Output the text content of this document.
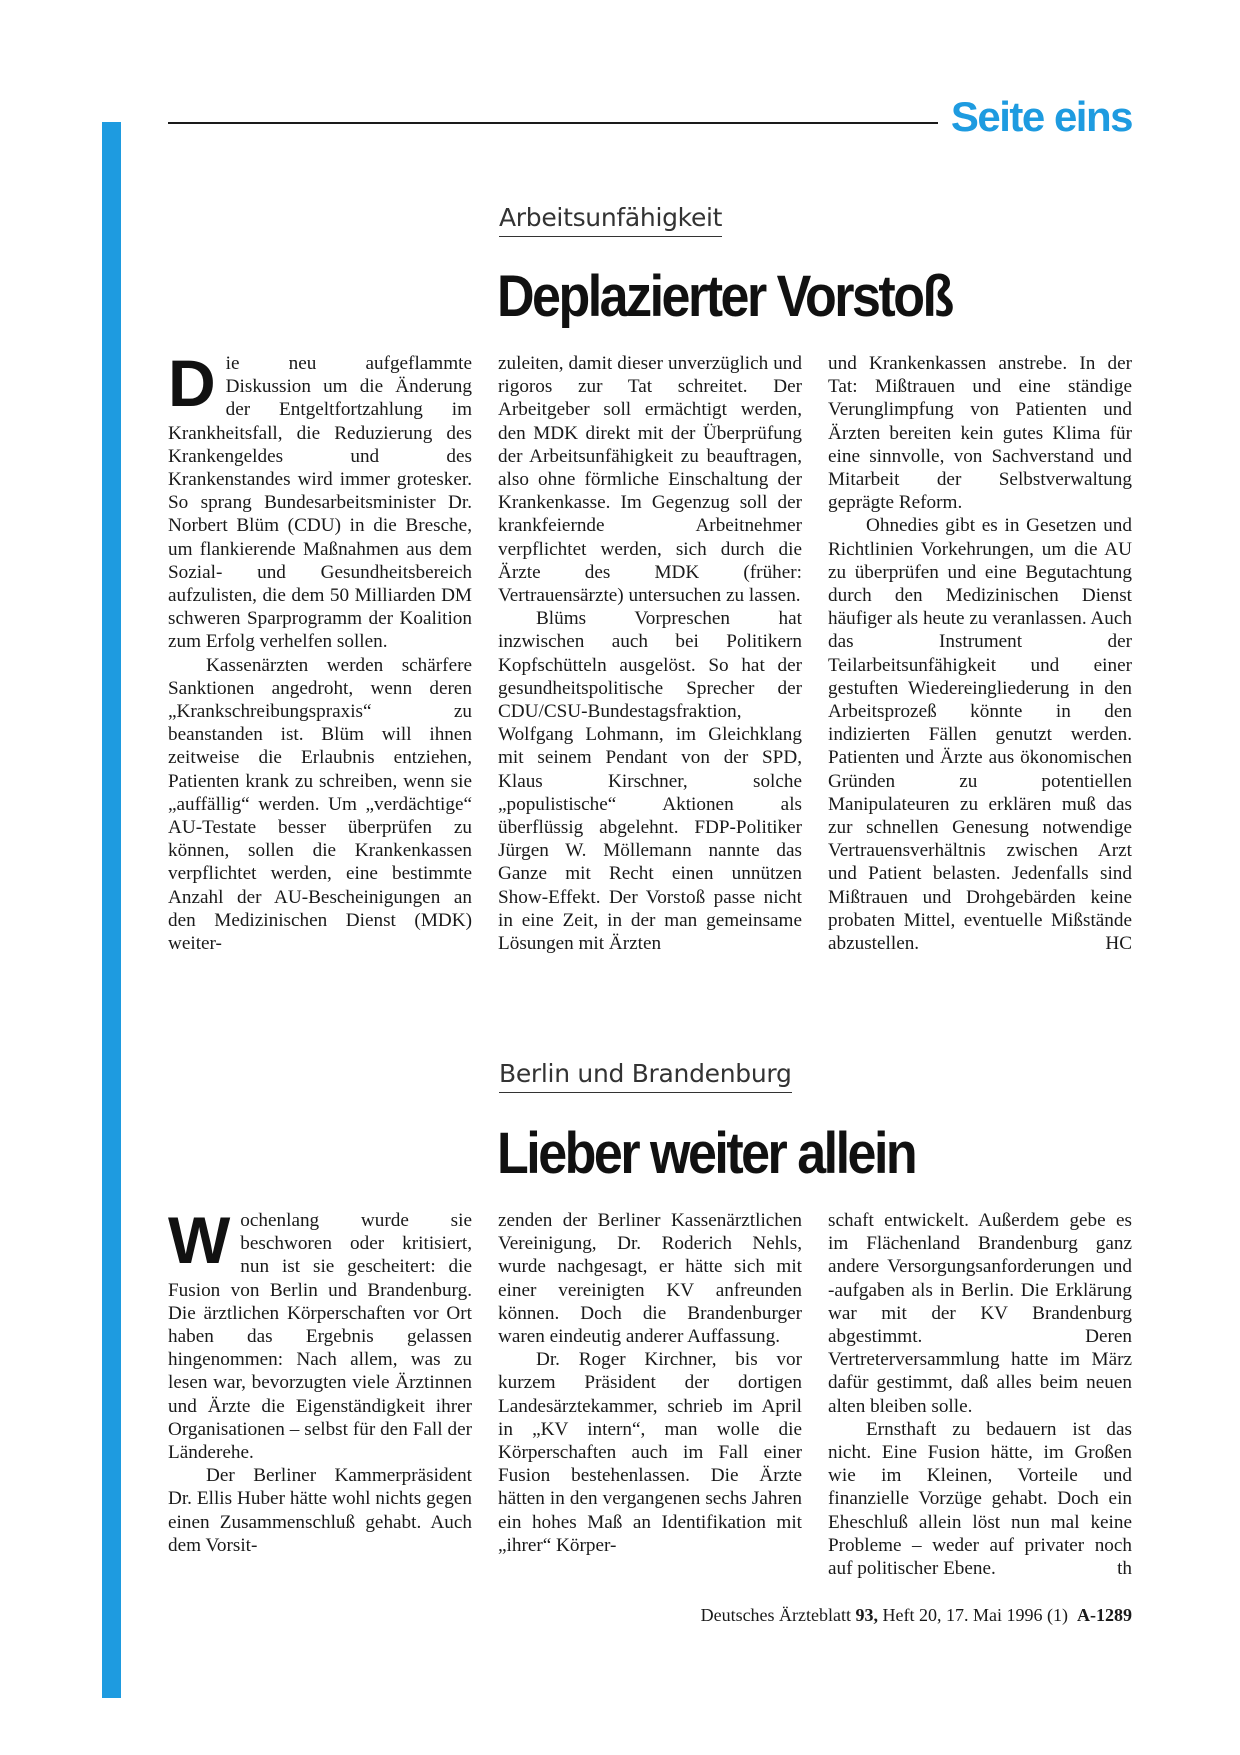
Seite eins
Arbeitsunfähigkeit
Deplazierter Vorstoß
D ie neu aufgeflammte Diskussion um die Änderung der Entgeltfortzahlung im Krankheitsfall, die Reduzierung des Krankengeldes und des Krankenstandes wird immer grotesker. So sprang Bundesarbeitsminister Dr. Norbert Blüm (CDU) in die Bresche, um flankierende Maßnahmen aus dem Sozial- und Gesundheitsbereich aufzulisten, die dem 50 Milliarden DM schweren Sparprogramm der Koalition zum Erfolg verhelfen sollen.

Kassenärzten werden schärfere Sanktionen angedroht, wenn deren „Krankschreibungspraxis“ zu beanstanden ist. Blüm will ihnen zeitweise die Erlaubnis entziehen, Patienten krank zu schreiben, wenn sie „auffällig“ werden. Um „verdächtige“ AU-Testate besser überprüfen zu können, sollen die Krankenkassen verpflichtet werden, eine bestimmte Anzahl der AU-Bescheinigungen an den Medizinischen Dienst (MDK) weiter-

zuleiten, damit dieser unverzüglich und rigoros zur Tat schreitet. Der Arbeitgeber soll ermächtigt werden, den MDK direkt mit der Überprüfung der Arbeitsunfähigkeit zu beauftragen, also ohne förmliche Einschaltung der Krankenkasse. Im Gegenzug soll der krankfeiernde Arbeitnehmer verpflichtet werden, sich durch die Ärzte des MDK (früher: Vertrauensärzte) untersuchen zu lassen.

Blüms Vorpreschen hat inzwischen auch bei Politikern Kopfschütteln ausgelöst. So hat der gesundheitspolitische Sprecher der CDU/CSU-Bundestagsfraktion, Wolfgang Lohmann, im Gleichklang mit seinem Pendant von der SPD, Klaus Kirschner, solche „populistische“ Aktionen als überflüssig abgelehnt. FDP-Politiker Jürgen W. Möllemann nannte das Ganze mit Recht einen unnützen Show-Effekt. Der Vorstoß passe nicht in eine Zeit, in der man gemeinsame Lösungen mit Ärzten

und Krankenkassen anstrebe. In der Tat: Mißtrauen und eine ständige Verunglimpfung von Patienten und Ärzten bereiten kein gutes Klima für eine sinnvolle, von Sachverstand und Mitarbeit der Selbstverwaltung geprägte Reform.

Ohnedies gibt es in Gesetzen und Richtlinien Vorkehrungen, um die AU zu überprüfen und eine Begutachtung durch den Medizinischen Dienst häufiger als heute zu veranlassen. Auch das Instrument der Teilarbeitsunfähigkeit und einer gestuften Wiedereingliederung in den Arbeitsprozeß könnte in den indizierten Fällen genutzt werden. Patienten und Ärzte aus ökonomischen Gründen zu potentiellen Manipulateuren zu erklären muß das zur schnellen Genesung notwendige Vertrauensverhältnis zwischen Arzt und Patient belasten. Jedenfalls sind Mißtrauen und Drohgebärden keine probaten Mittel, eventuelle Mißstände abzustellen.	HC

Berlin und Brandenburg
Lieber weiter allein
W ochenlang wurde sie beschworen oder kritisiert, nun ist sie gescheitert: die Fusion von Berlin und Brandenburg. Die ärztlichen Körperschaften vor Ort haben das Ergebnis gelassen hingenommen: Nach allem, was zu lesen war, bevorzugten viele Ärztinnen und Ärzte die Eigenständigkeit ihrer Organisationen – selbst für den Fall der Länderehe.

Der Berliner Kammerpräsident Dr. Ellis Huber hätte wohl nichts gegen einen Zusammenschluß gehabt. Auch dem Vorsit-

zenden der Berliner Kassenärztlichen Vereinigung, Dr. Roderich Nehls, wurde nachgesagt, er hätte sich mit einer vereinigten KV anfreunden können. Doch die Brandenburger waren eindeutig anderer Auffassung.

Dr. Roger Kirchner, bis vor kurzem Präsident der dortigen Landesärztekammer, schrieb im April in „KV intern“, man wolle die Körperschaften auch im Fall einer Fusion bestehenlassen. Die Ärzte hätten in den vergangenen sechs Jahren ein hohes Maß an Identifikation mit „ihrer“ Körper-

schaft entwickelt. Außerdem gebe es im Flächenland Brandenburg ganz andere Versorgungsanforderungen und -aufgaben als in Berlin. Die Erklärung war mit der KV Brandenburg abgestimmt. Deren Vertreterversammlung hatte im März dafür gestimmt, daß alles beim neuen alten bleiben solle.

Ernsthaft zu bedauern ist das nicht. Eine Fusion hätte, im Großen wie im Kleinen, Vorteile und finanzielle Vorzüge gehabt. Doch ein Eheschluß allein löst nun mal keine Probleme – weder auf privater noch auf politischer Ebene.	th

Deutsches Ärzteblatt 93, Heft 20, 17. Mai 1996 (1) A-1289
